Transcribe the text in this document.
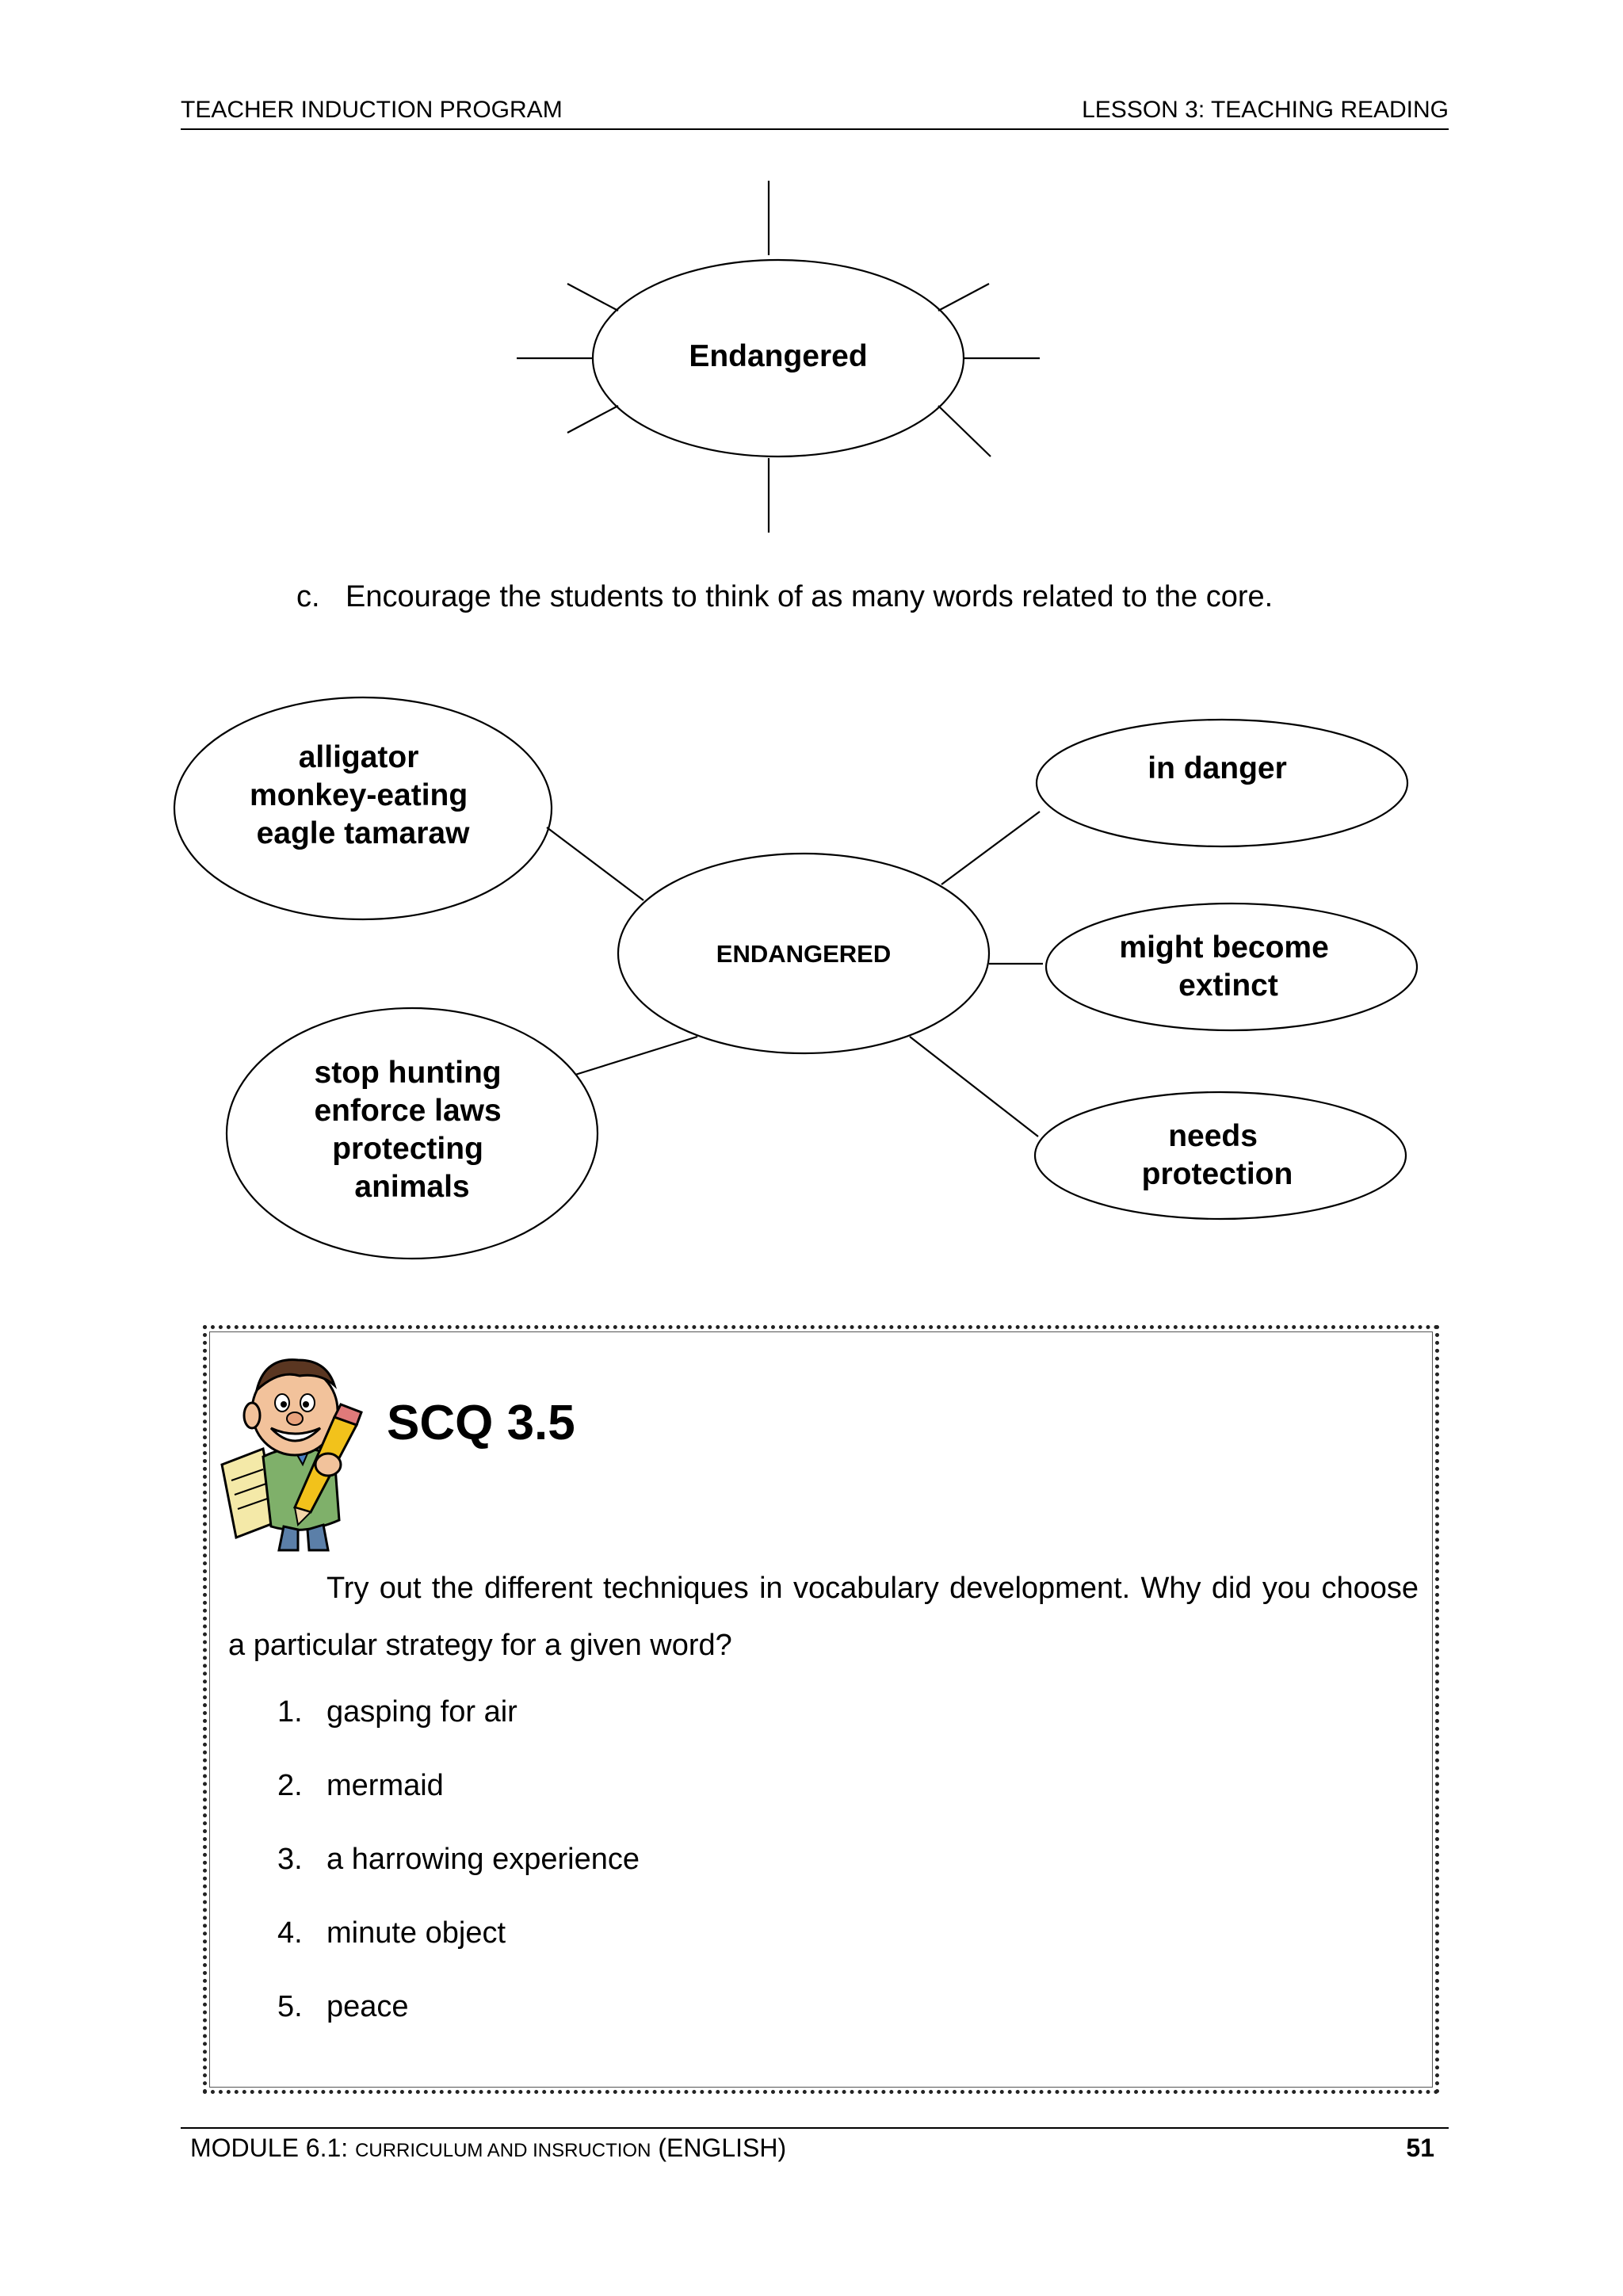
TEACHER INDUCTION PROGRAM	LESSON 3: TEACHING READING
Endangered
c. Encourage the students to think of as many words related to the core.
ENDANGERED
alligator monkey-eating eagle tamaraw
stop hunting enforce laws protecting animals
in danger
might become extinct
needs protection
SCQ 3.5
Try out the different techniques in vocabulary development. Why did you choose a particular strategy for a given word?
1. gasping for air
2. mermaid
3. a harrowing experience
4. minute object
5. peace
MODULE 6.1: CURRICULUM AND INSRUCTION (ENGLISH)	51
